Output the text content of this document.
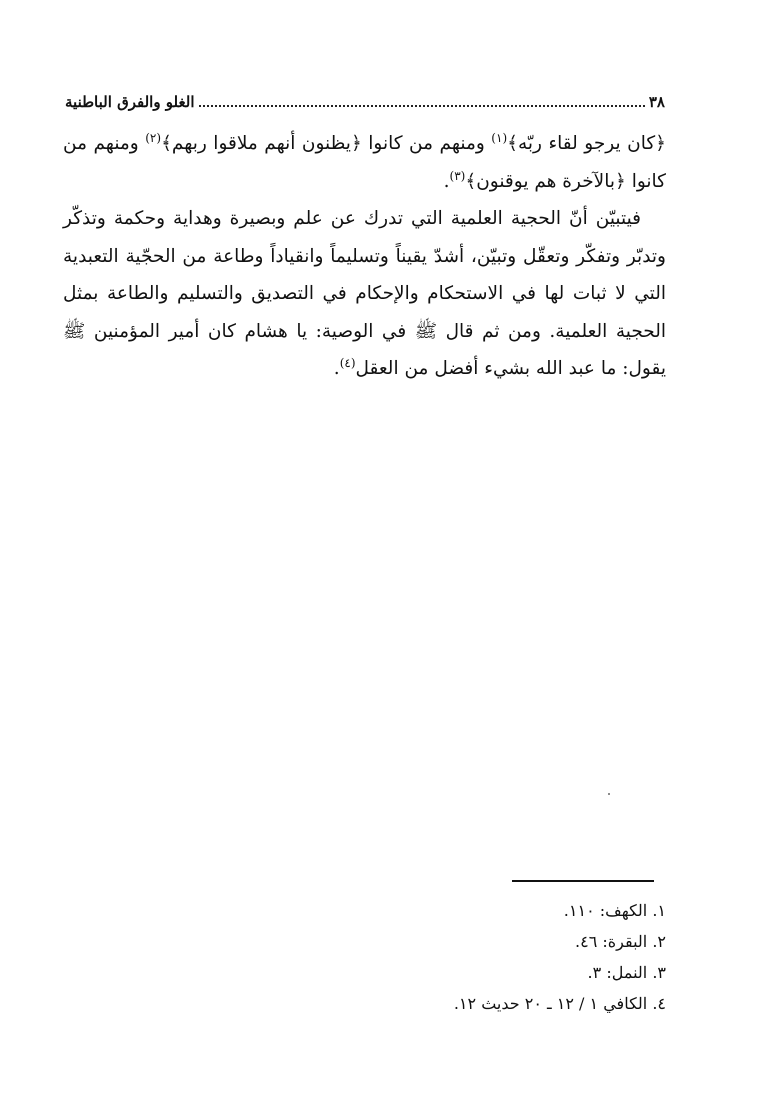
٣٨
الغلو والفرق الباطنية

﴿كان يرجو لقاء ربّه﴾$^{(١)}$ ومنهم من كانوا ﴿يظنون أنهم ملاقوا ربهم﴾$^{(٢)}$ ومنهم من كانوا ﴿بالآخرة هم يوقنون﴾$^{(٣)}$.

فيتبيّن أنّ الحجية العلمية التي تدرك عن علم وبصيرة وهداية وحكمة وتذكّر وتدبّر وتفكّر وتعقّل وتبيّن، أشدّ يقيناً وتسليماً وانقياداً وطاعة من الحجّية التعبدية التي لا ثبات لها في الاستحكام والإحكام في التصديق والتسليم والطاعة بمثل الحجية العلمية. ومن ثم قال ﷺ في الوصية: يا هشام كان أمير المؤمنين ﷺ يقول: ما عبد الله بشيء أفضل من العقل$^{(٤)}$.

١. الكهف: ١١٠.
٢. البقرة: ٤٦.
٣. النمل: ٣.
٤. الكافي ١ / ١٢ ـ ٢٠ حديث ١٢.
